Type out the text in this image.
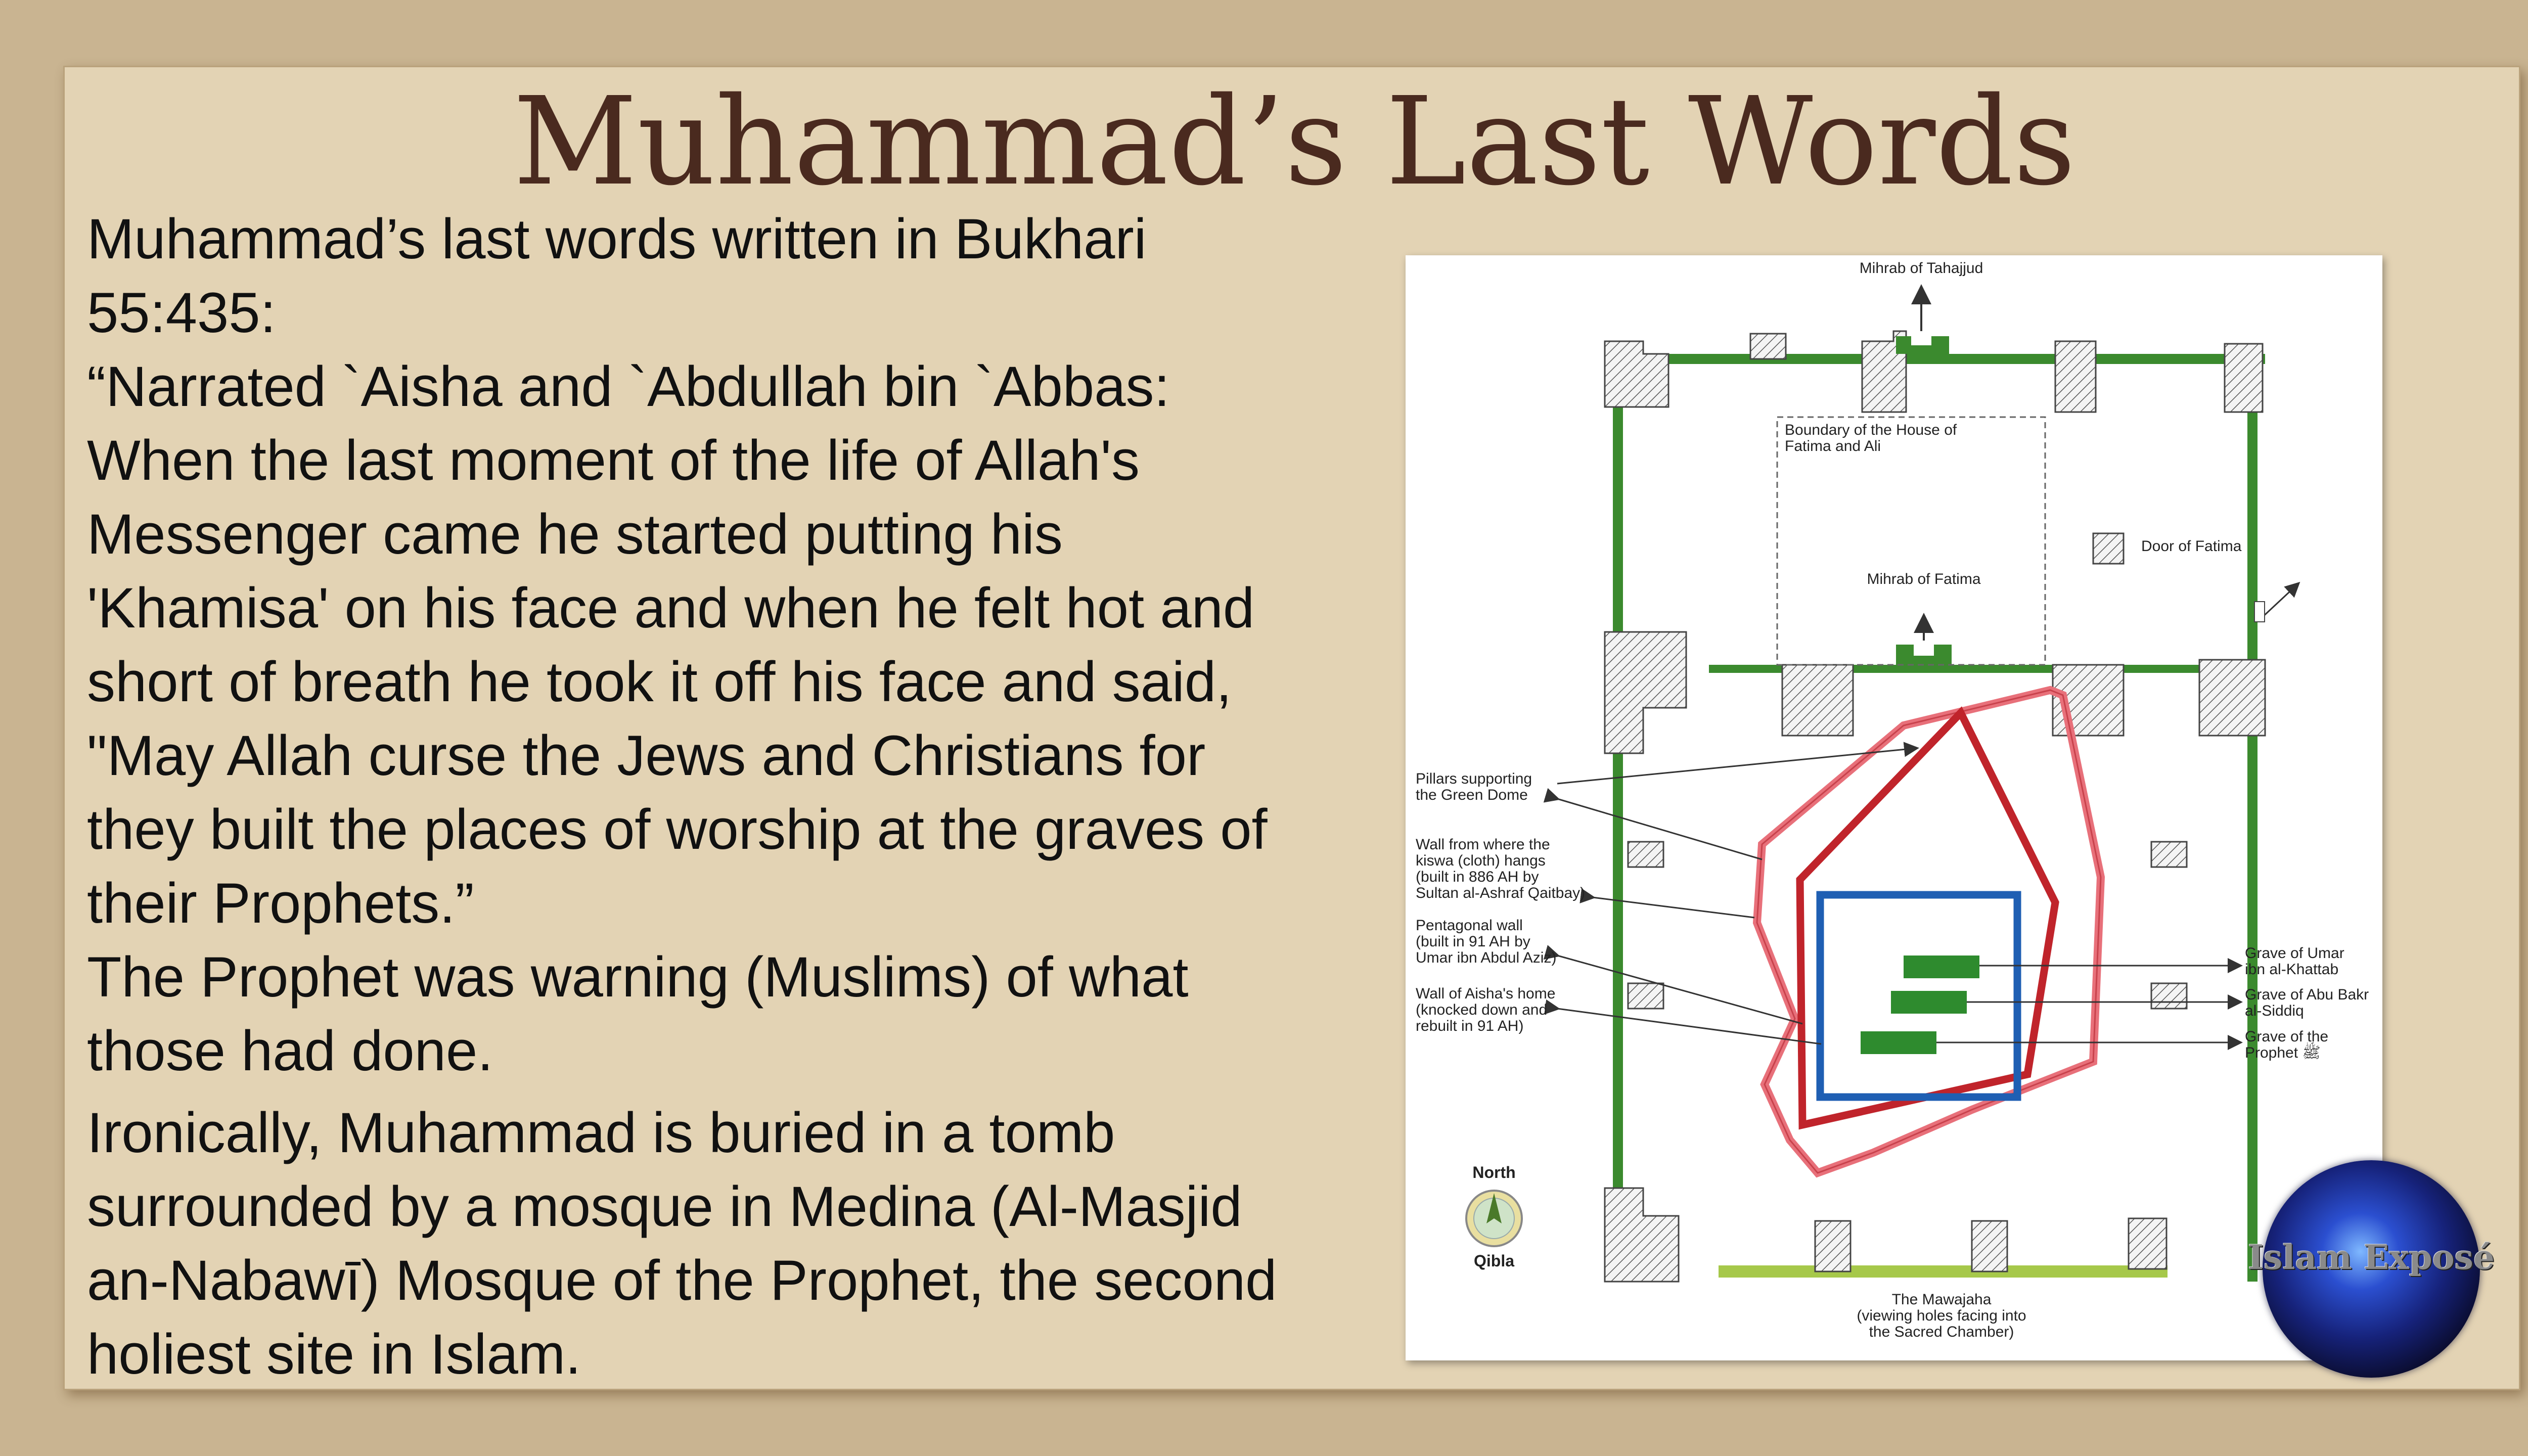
Muhammad’s Last Words
Muhammad’s last words written in Bukhari
55:435:
“Narrated `Aisha and `Abdullah bin `Abbas:
When the last moment of the life of Allah's
Messenger came he started putting his
'Khamisa' on his face and when he felt hot and
short of breath he took it off his face and said,
"May Allah curse the Jews and Christians for
they built the places of worship at the graves of
their Prophets.”
The Prophet was warning (Muslims) of what
those had done.
Ironically, Muhammad is buried in a tomb
surrounded by a mosque in Medina (Al-Masjid
an-Nabawī) Mosque of the Prophet, the second
holiest site in Islam.
Mihrab of Tahajjud
Boundary of the House of
Fatima and Ali
Mihrab of Fatima
Door of Fatima
Pillars supporting
the Green Dome
Wall from where the
kiswa (cloth) hangs
(built in 886 AH by
Sultan al-Ashraf Qaitbay)
Pentagonal wall
(built in 91 AH by
Umar ibn Abdul Aziz)
Wall of Aisha's home
(knocked down and
rebuilt in 91 AH)
Grave of Umar
ibn al-Khattab
Grave of Abu Bakr
al-Siddiq
Grave of the
Prophet ﷺ
North
Qibla
The Mawajaha
(viewing holes facing into
the Sacred Chamber)
Islam Exposé
